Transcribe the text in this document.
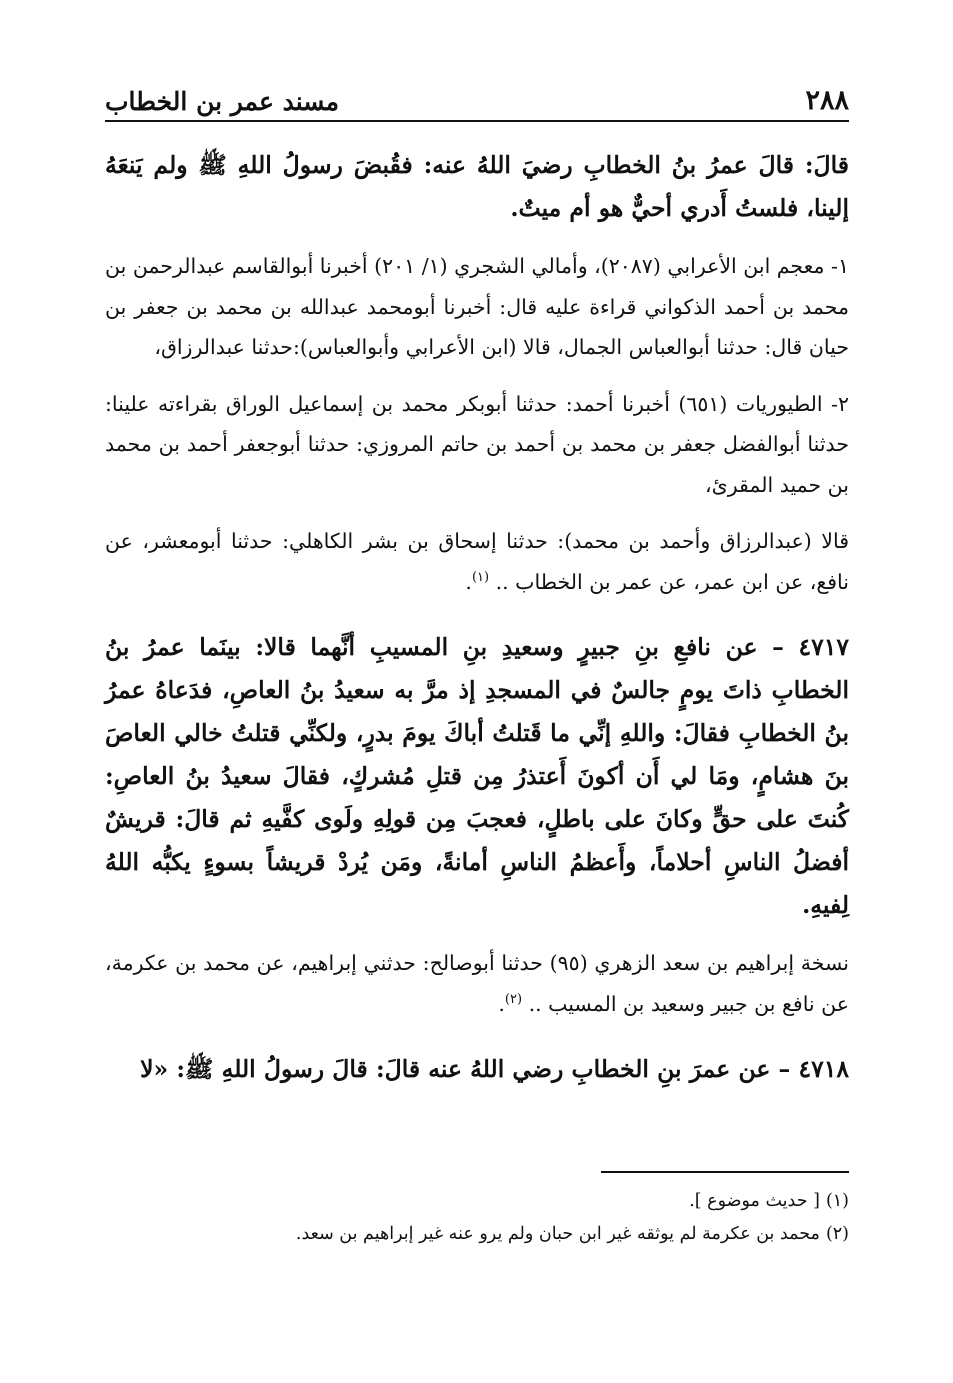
٢٨٨
مسند عمر بن الخطاب

قالَ: قالَ عمرُ بنُ الخطابِ رضيَ اللهُ عنه: فقُبضَ رسولُ اللهِ ﷺ ولم يَنعَهُ إلينا، فلستُ أَدري أحيٌّ هو أم ميتٌ.

١- معجم ابن الأعرابي (٢٠٨٧)، وأمالي الشجري (١/ ٢٠١) أخبرنا أبوالقاسم عبدالرحمن بن محمد بن أحمد الذكواني قراءة عليه قال: أخبرنا أبومحمد عبدالله بن محمد بن جعفر بن حيان قال: حدثنا أبوالعباس الجمال، قالا (ابن الأعرابي وأبوالعباس):حدثنا عبدالرزاق،

٢- الطيوريات (٦٥١) أخبرنا أحمد: حدثنا أبوبكر محمد بن إسماعيل الوراق بقراءته علينا: حدثنا أبوالفضل جعفر بن محمد بن أحمد بن حاتم المروزي: حدثنا أبوجعفر أحمد بن محمد بن حميد المقرئ،

قالا (عبدالرزاق وأحمد بن محمد): حدثنا إسحاق بن بشر الكاهلي: حدثنا أبومعشر، عن نافع، عن ابن عمر، عن عمر بن الخطاب .. $^{(١)}$.

٤٧١٧ – عن نافعِ بنِ جبيرٍ وسعيدِ بنِ المسيبِ أنَّهما قالا: بينَما عمرُ بنُ الخطابِ ذاتَ يومٍ جالسٌ في المسجدِ إذ مرَّ به سعيدُ بنُ العاصِ، فدَعاهُ عمرُ بنُ الخطابِ فقالَ: واللهِ إنِّي ما قَتلتُ أباكَ يومَ بدرٍ، ولكنِّي قتلتُ خالي العاصَ بنَ هشامٍ، ومَا لي أَن أكونَ أَعتذرُ مِن قتلِ مُشركٍ، فقالَ سعيدُ بنُ العاصِ: كُنتَ على حقٍّ وكانَ على باطلٍ، فعجبَ مِن قولِهِ ولَوى كفَّيهِ ثم قالَ: قريشٌ أفضلُ الناسِ أحلاماً، وأَعظمُ الناسِ أمانةً، ومَن يُردْ قريشاً بسوءٍ يكبُّه اللهُ لِفيهِ.

نسخة إبراهيم بن سعد الزهري (٩٥) حدثنا أبوصالح: حدثني إبراهيم، عن محمد بن عكرمة، عن نافع بن جبير وسعيد بن المسيب .. $^{(٢)}$.

٤٧١٨ – عن عمرَ بنِ الخطابِ رضي اللهُ عنه قالَ: قالَ رسولُ اللهِ ﷺ: «لا

(١)
[ حديث موضوع ].
(٢)
محمد بن عكرمة لم يوثقه غير ابن حبان ولم يرو عنه غير إبراهيم بن سعد.
